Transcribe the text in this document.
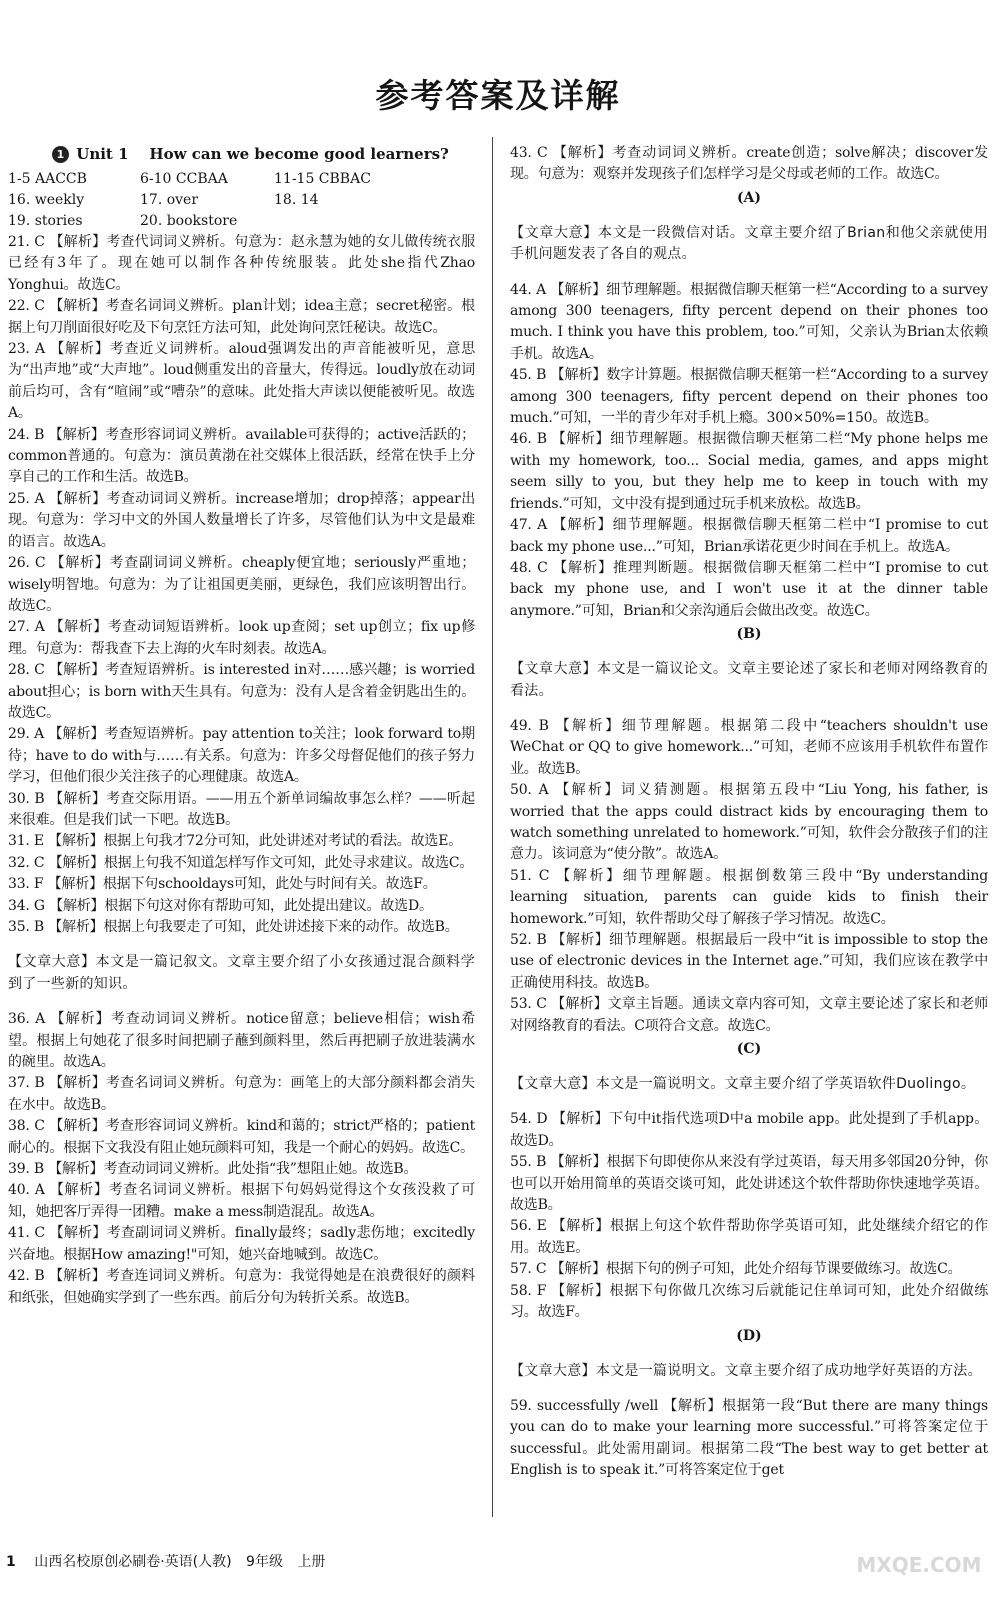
参考答案及详解
1 Unit 1 How can we become good learners?
1-5 AACCB	6-10 CCBAA	11-15 CBBAC
16. weekly	17. over	18. 14
19. stories	20. bookstore

21. C 【解析】考查代词词义辨析。句意为：赵永慧为她的女儿做传统衣服已经有3年了。现在她可以制作各种传统服装。此处she指代Zhao Yonghui。故选C。

22. C 【解析】考查名词词义辨析。plan计划；idea主意；secret秘密。根据上句刀削面很好吃及下句烹饪方法可知，此处询问烹饪秘诀。故选C。

23. A 【解析】考查近义词辨析。aloud强调发出的声音能被听见，意思为“出声地”或“大声地”。loud侧重发出的音量大，传得远。loudly放在动词前后均可，含有“喧闹”或“嘈杂”的意味。此处指大声读以便能被听见。故选A。

24. B 【解析】考查形容词词义辨析。available可获得的；active活跃的；common普通的。句意为：演员黄渤在社交媒体上很活跃，经常在快手上分享自己的工作和生活。故选B。

25. A 【解析】考查动词词义辨析。increase增加；drop掉落；appear出现。句意为：学习中文的外国人数量增长了许多，尽管他们认为中文是最难的语言。故选A。

26. C 【解析】考查副词词义辨析。cheaply便宜地；seriously严重地；wisely明智地。句意为：为了让祖国更美丽，更绿色，我们应该明智出行。故选C。

27. A 【解析】考查动词短语辨析。look up查阅；set up创立；fix up修理。句意为：帮我查下去上海的火车时刻表。故选A。

28. C 【解析】考查短语辨析。is interested in对……感兴趣；is worried about担心；is born with天生具有。句意为：没有人是含着金钥匙出生的。故选C。

29. A 【解析】考查短语辨析。pay attention to关注；look forward to期待；have to do with与……有关系。句意为：许多父母督促他们的孩子努力学习，但他们很少关注孩子的心理健康。故选A。

30. B 【解析】考查交际用语。——用五个新单词编故事怎么样？——听起来很难。但是我们试一下吧。故选B。

31. E 【解析】根据上句我才72分可知，此处讲述对考试的看法。故选E。

32. C 【解析】根据上句我不知道怎样写作文可知，此处寻求建议。故选C。

33. F 【解析】根据下句schooldays可知，此处与时间有关。故选F。

34. G 【解析】根据下句这对你有帮助可知，此处提出建议。故选D。

35. B 【解析】根据上句我要走了可知，此处讲述接下来的动作。故选B。

【文章大意】本文是一篇记叙文。文章主要介绍了小女孩通过混合颜料学到了一些新的知识。

36. A 【解析】考查动词词义辨析。notice留意；believe相信；wish希望。根据上句她花了很多时间把刷子蘸到颜料里，然后再把刷子放进装满水的碗里。故选A。

37. B 【解析】考查名词词义辨析。句意为：画笔上的大部分颜料都会消失在水中。故选B。

38. C 【解析】考查形容词词义辨析。kind和蔼的；strict严格的；patient耐心的。根据下文我没有阻止她玩颜料可知，我是一个耐心的妈妈。故选C。

39. B 【解析】考查动词词义辨析。此处指“我”想阻止她。故选B。

40. A 【解析】考查名词词义辨析。根据下句妈妈觉得这个女孩没救了可知，她把客厅弄得一团糟。make a mess制造混乱。故选A。

41. C 【解析】考查副词词义辨析。finally最终；sadly悲伤地；excitedly兴奋地。根据How amazing!"可知，她兴奋地喊到。故选C。

42. B 【解析】考查连词词义辨析。句意为：我觉得她是在浪费很好的颜料和纸张，但她确实学到了一些东西。前后分句为转折关系。故选B。

43. C 【解析】考查动词词义辨析。create创造；solve解决；discover发现。句意为：观察并发现孩子们怎样学习是父母或老师的工作。故选C。

(A)

【文章大意】本文是一段微信对话。文章主要介绍了Brian和他父亲就使用手机问题发表了各自的观点。

44. A 【解析】细节理解题。根据微信聊天框第一栏“According to a survey among 300 teenagers, fifty percent depend on their phones too much. I think you have this problem, too.”可知，父亲认为Brian太依赖手机。故选A。

45. B 【解析】数字计算题。根据微信聊天框第一栏“According to a survey among 300 teenagers, fifty percent depend on their phones too much.”可知，一半的青少年对手机上瘾。300×50%=150。故选B。

46. B 【解析】细节理解题。根据微信聊天框第二栏“My phone helps me with my homework, too... Social media, games, and apps might seem silly to you, but they help me to keep in touch with my friends.”可知，文中没有提到通过玩手机来放松。故选B。

47. A 【解析】细节理解题。根据微信聊天框第二栏中“I promise to cut back my phone use...”可知，Brian承诺花更少时间在手机上。故选A。

48. C 【解析】推理判断题。根据微信聊天框第二栏中“I promise to cut back my phone use, and I won't use it at the dinner table anymore.”可知，Brian和父亲沟通后会做出改变。故选C。

(B)

【文章大意】本文是一篇议论文。文章主要论述了家长和老师对网络教育的看法。

49. B 【解析】细节理解题。根据第二段中“teachers shouldn't use WeChat or QQ to give homework...”可知，老师不应该用手机软件布置作业。故选B。

50. A 【解析】词义猜测题。根据第五段中“Liu Yong, his father, is worried that the apps could distract kids by encouraging them to watch something unrelated to homework.”可知，软件会分散孩子们的注意力。该词意为“使分散”。故选A。

51. C 【解析】细节理解题。根据倒数第三段中“By understanding learning situation, parents can guide kids to finish their homework.”可知，软件帮助父母了解孩子学习情况。故选C。

52. B 【解析】细节理解题。根据最后一段中“it is impossible to stop the use of electronic devices in the Internet age.”可知，我们应该在教学中正确使用科技。故选B。

53. C 【解析】文章主旨题。通读文章内容可知，文章主要论述了家长和老师对网络教育的看法。C项符合文意。故选C。

(C)

【文章大意】本文是一篇说明文。文章主要介绍了学英语软件Duolingo。

54. D 【解析】下句中it指代选项D中a mobile app。此处提到了手机app。故选D。

55. B 【解析】根据下句即使你从来没有学过英语，每天用多邻国20分钟，你也可以开始用简单的英语交谈可知，此处讲述这个软件帮助你快速地学英语。故选B。

56. E 【解析】根据上句这个软件帮助你学英语可知，此处继续介绍它的作用。故选E。

57. C 【解析】根据下句的例子可知，此处介绍每节课要做练习。故选C。

58. F 【解析】根据下句你做几次练习后就能记住单词可知，此处介绍做练习。故选F。

(D)

【文章大意】本文是一篇说明文。文章主要介绍了成功地学好英语的方法。

59. successfully /well 【解析】根据第一段“But there are many things you can do to make your learning more successful.”可将答案定位于successful。此处需用副词。根据第二段“The best way to get better at English is to speak it.”可将答案定位于get

1 山西名校原创必刷卷·英语(人教) 9年级 上册	MXQE.COM
